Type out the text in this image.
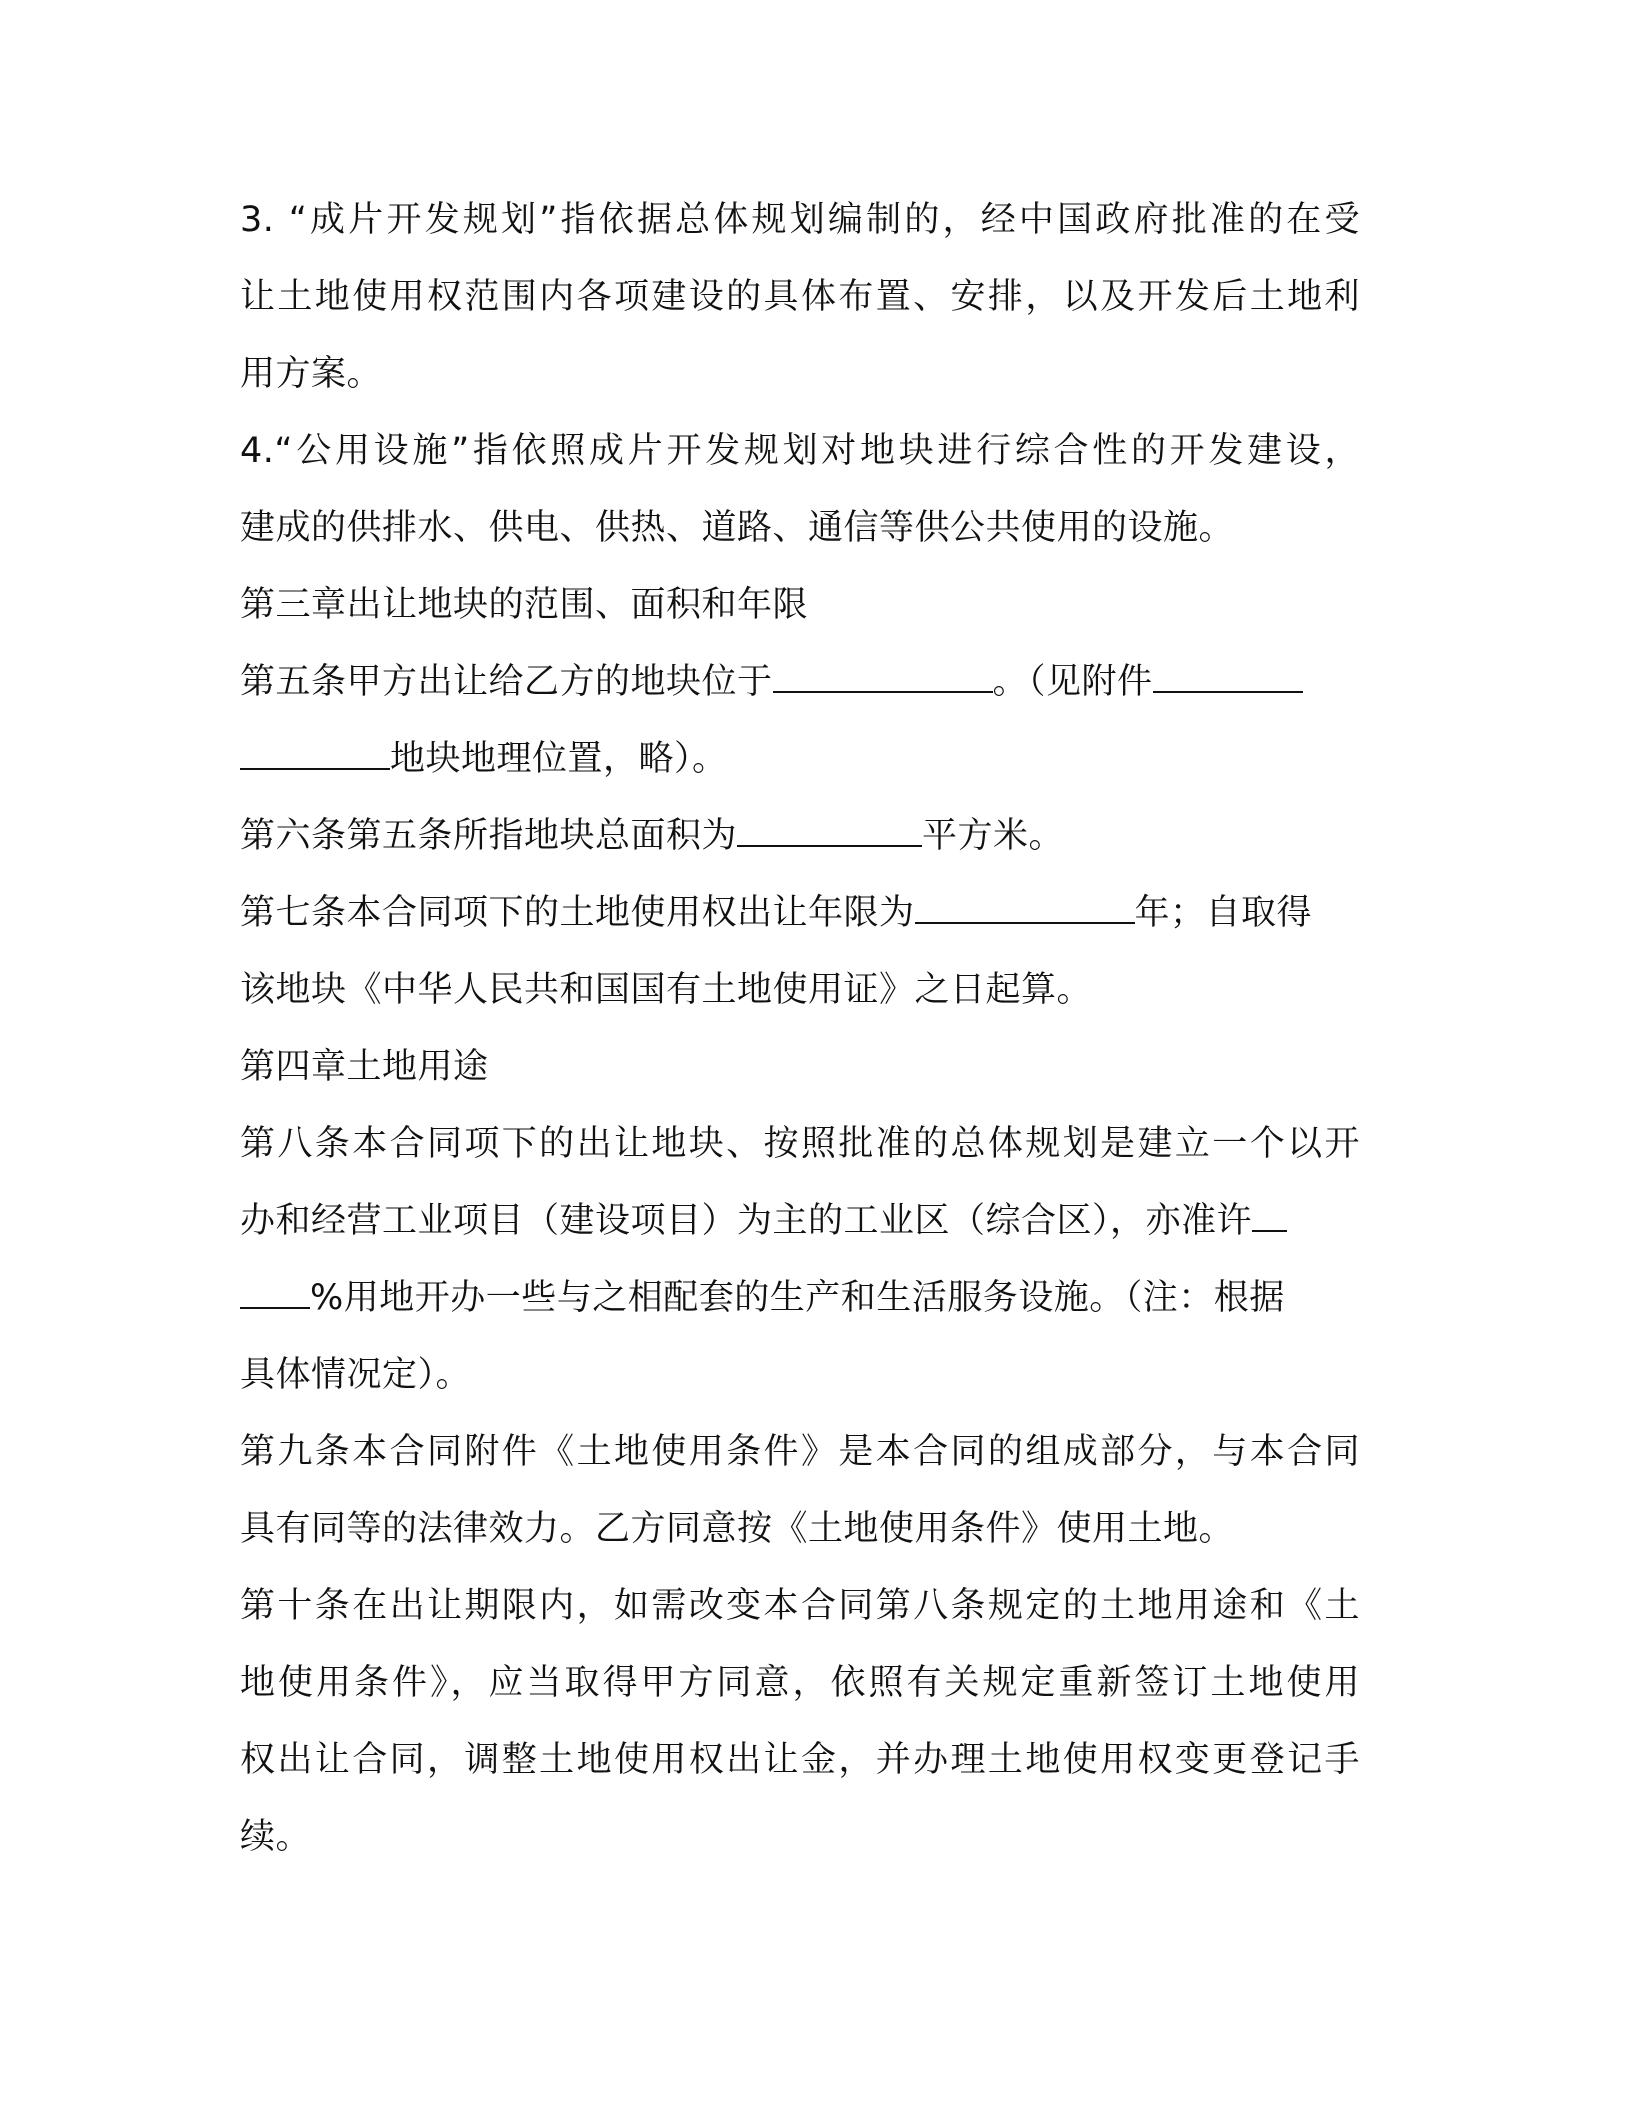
3. “成片开发规划”指依据总体规划编制的，经中国政府批准的在受
让土地使用权范围内各项建设的具体布置、安排，以及开发后土地利
用方案。
4.“公用设施”指依照成片开发规划对地块进行综合性的开发建设，
建成的供排水、供电、供热、道路、通信等供公共使用的设施。
第三章出让地块的范围、面积和年限
第五条甲方出让给乙方的地块位于	。（见附件
地块地理位置，略）。
第六条第五条所指地块总面积为	平方米。
第七条本合同项下的土地使用权出让年限为	年；自取得
该地块《中华人民共和国国有土地使用证》之日起算。
第四章土地用途
第八条本合同项下的出让地块、按照批准的总体规划是建立一个以开
办和经营工业项目（建设项目）为主的工业区（综合区），亦准许
%用地开办一些与之相配套的生产和生活服务设施。（注：根据
具体情况定）。
第九条本合同附件《土地使用条件》是本合同的组成部分，与本合同
具有同等的法律效力。乙方同意按《土地使用条件》使用土地。
第十条在出让期限内，如需改变本合同第八条规定的土地用途和《土
地使用条件》，应当取得甲方同意，依照有关规定重新签订土地使用
权出让合同，调整土地使用权出让金，并办理土地使用权变更登记手
续。
